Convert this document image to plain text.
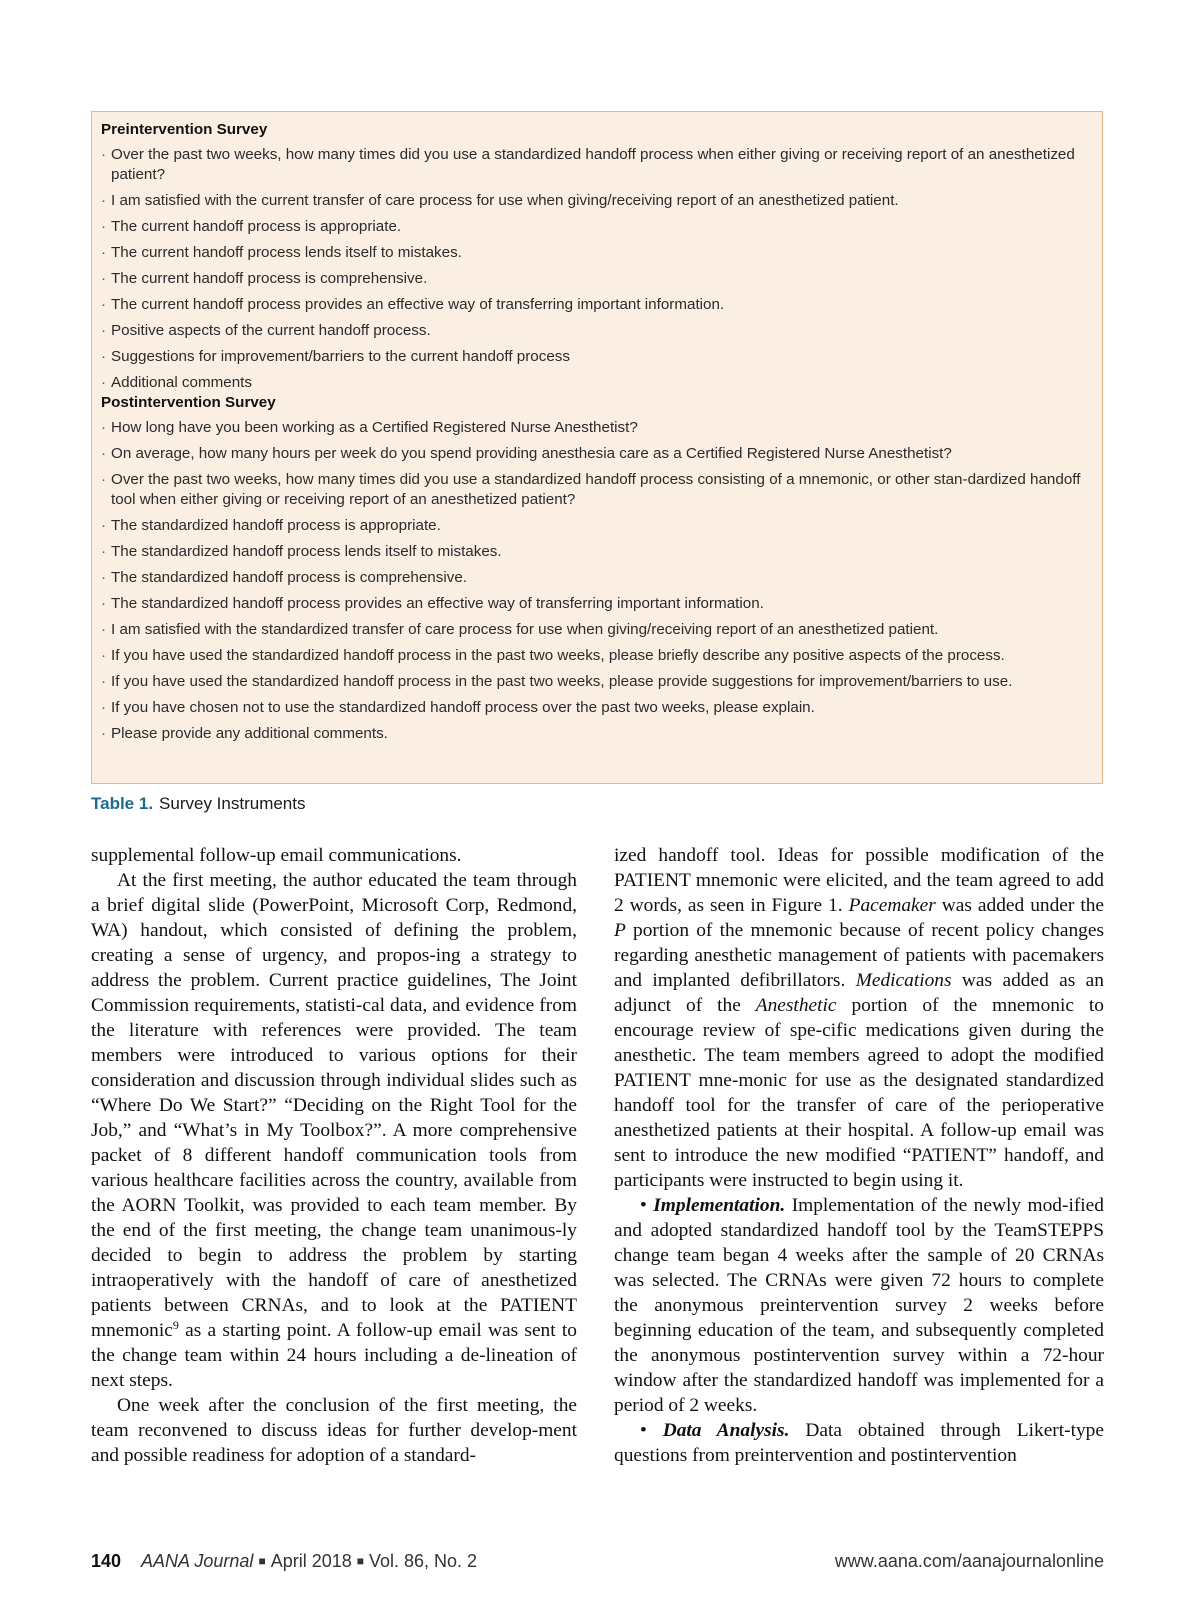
Preintervention Survey
· Over the past two weeks, how many times did you use a standardized handoff process when either giving or receiving report of an anesthetized patient?
· I am satisfied with the current transfer of care process for use when giving/receiving report of an anesthetized patient.
· The current handoff process is appropriate.
· The current handoff process lends itself to mistakes.
· The current handoff process is comprehensive.
· The current handoff process provides an effective way of transferring important information.
· Positive aspects of the current handoff process.
· Suggestions for improvement/barriers to the current handoff process
· Additional comments
Postintervention Survey
· How long have you been working as a Certified Registered Nurse Anesthetist?
· On average, how many hours per week do you spend providing anesthesia care as a Certified Registered Nurse Anesthetist?
· Over the past two weeks, how many times did you use a standardized handoff process consisting of a mnemonic, or other stan-dardized handoff tool when either giving or receiving report of an anesthetized patient?
· The standardized handoff process is appropriate.
· The standardized handoff process lends itself to mistakes.
· The standardized handoff process is comprehensive.
· The standardized handoff process provides an effective way of transferring important information.
· I am satisfied with the standardized transfer of care process for use when giving/receiving report of an anesthetized patient.
· If you have used the standardized handoff process in the past two weeks, please briefly describe any positive aspects of the process.
· If you have used the standardized handoff process in the past two weeks, please provide suggestions for improvement/barriers to use.
· If you have chosen not to use the standardized handoff process over the past two weeks, please explain.
· Please provide any additional comments.
Table 1. Survey Instruments

supplemental follow-up email communications.

At the first meeting, the author educated the team through a brief digital slide (PowerPoint, Microsoft Corp, Redmond, WA) handout, which consisted of defining the problem, creating a sense of urgency, and propos-ing a strategy to address the problem. Current practice guidelines, The Joint Commission requirements, statisti-cal data, and evidence from the literature with references were provided. The team members were introduced to various options for their consideration and discussion through individual slides such as “Where Do We Start?” “Deciding on the Right Tool for the Job,” and “What’s in My Toolbox?”. A more comprehensive packet of 8 different handoff communication tools from various healthcare facilities across the country, available from the AORN Toolkit, was provided to each team member. By the end of the first meeting, the change team unanimous-ly decided to begin to address the problem by starting intraoperatively with the handoff of care of anesthetized patients between CRNAs, and to look at the PATIENT mnemonic$^9$ as a starting point. A follow-up email was sent to the change team within 24 hours including a de-lineation of next steps.

One week after the conclusion of the first meeting, the team reconvened to discuss ideas for further develop-ment and possible readiness for adoption of a standard-

ized handoff tool. Ideas for possible modification of the PATIENT mnemonic were elicited, and the team agreed to add 2 words, as seen in Figure 1. Pacemaker was added under the P portion of the mnemonic because of recent policy changes regarding anesthetic management of patients with pacemakers and implanted defibrillators. Medications was added as an adjunct of the Anesthetic portion of the mnemonic to encourage review of spe-cific medications given during the anesthetic. The team members agreed to adopt the modified PATIENT mne-monic for use as the designated standardized handoff tool for the transfer of care of the perioperative anesthetized patients at their hospital. A follow-up email was sent to introduce the new modified “PATIENT” handoff, and participants were instructed to begin using it.

• Implementation. Implementation of the newly mod-ified and adopted standardized handoff tool by the TeamSTEPPS change team began 4 weeks after the sample of 20 CRNAs was selected. The CRNAs were given 72 hours to complete the anonymous preintervention survey 2 weeks before beginning education of the team, and subsequently completed the anonymous postintervention survey within a 72-hour window after the standardized handoff was implemented for a period of 2 weeks.

• Data Analysis. Data obtained through Likert-type questions from preintervention and postintervention

140 AANA Journal ■ April 2018 ■ Vol. 86, No. 2	www.aana.com/aanajournalonline
